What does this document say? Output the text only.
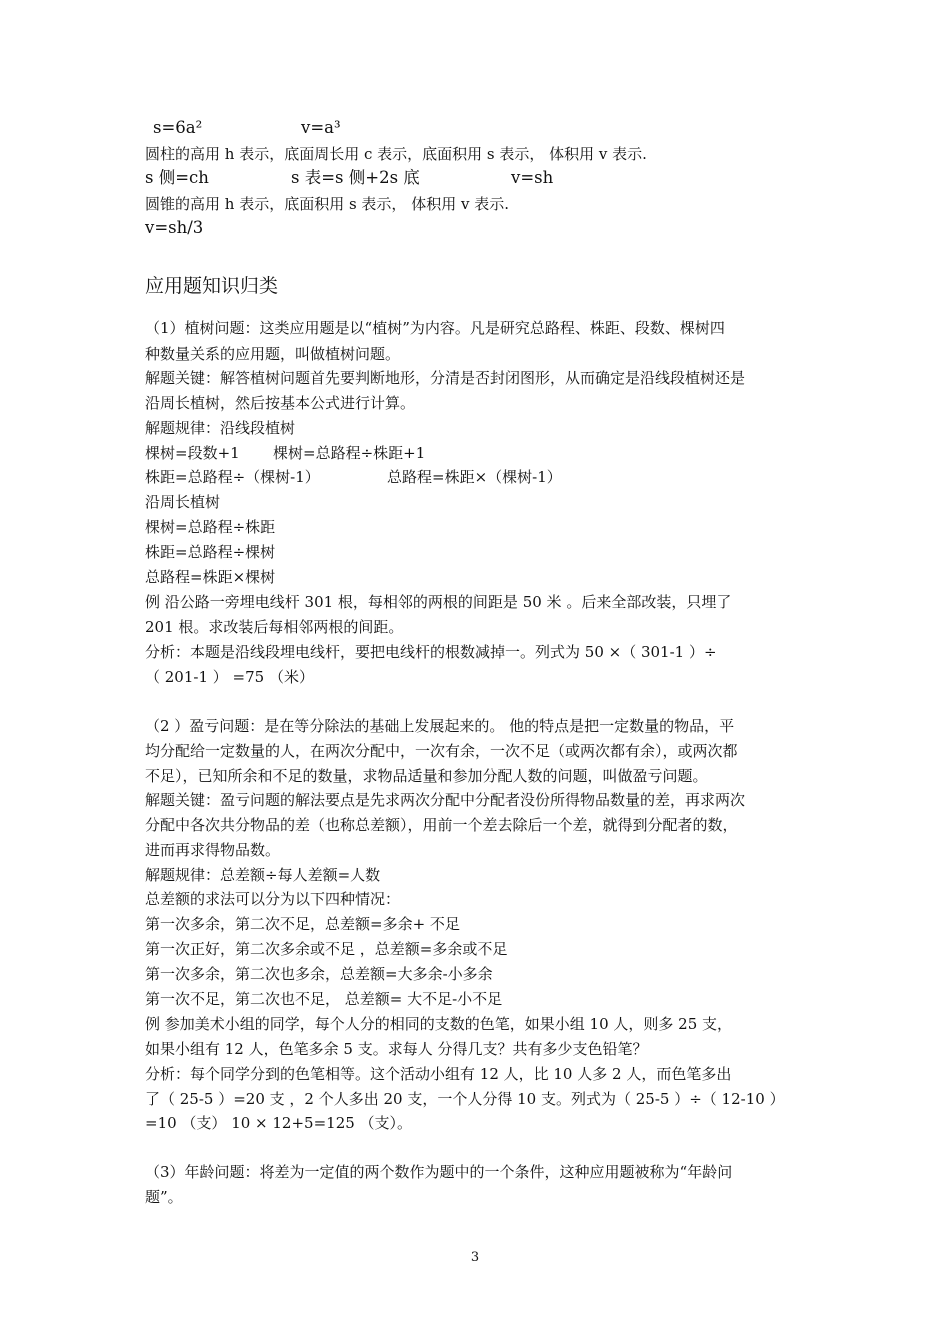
s=6a²	v=a³
圆柱的高用 h 表示，底面周长用 c 表示，底面积用 s 表示， 体积用 v 表示.
s 侧=ch	s 表=s 侧+2s 底	v=sh
圆锥的高用 h 表示，底面积用 s 表示， 体积用 v 表示.
v=sh/3
应用题知识归类
（1）植树问题：这类应用题是以“植树”为内容。凡是研究总路程、株距、段数、棵树四
种数量关系的应用题，叫做植树问题。
解题关键：解答植树问题首先要判断地形，分清是否封闭图形，从而确定是沿线段植树还是
沿周长植树，然后按基本公式进行计算。
解题规律：沿线段植树
棵树=段数+1 棵树=总路程÷株距+1
株距=总路程÷（棵树-1）	总路程=株距×（棵树-1）
沿周长植树
棵树=总路程÷株距
株距=总路程÷棵树
总路程=株距×棵树
例 沿公路一旁埋电线杆 301 根，每相邻的两根的间距是 50 米 。后来全部改装，只埋了
201 根。求改装后每相邻两根的间距。
分析：本题是沿线段埋电线杆，要把电线杆的根数减掉一。列式为 50 ×（ 301-1 ）÷
（ 201-1 ） =75 （米）
（2 ）盈亏问题：是在等分除法的基础上发展起来的。 他的特点是把一定数量的物品，平
均分配给一定数量的人，在两次分配中，一次有余，一次不足（或两次都有余），或两次都
不足），已知所余和不足的数量，求物品适量和参加分配人数的问题，叫做盈亏问题。
解题关键：盈亏问题的解法要点是先求两次分配中分配者没份所得物品数量的差，再求两次
分配中各次共分物品的差（也称总差额），用前一个差去除后一个差，就得到分配者的数，
进而再求得物品数。
解题规律：总差额÷每人差额=人数
总差额的求法可以分为以下四种情况：
第一次多余，第二次不足，总差额=多余+ 不足
第一次正好，第二次多余或不足 ，总差额=多余或不足
第一次多余，第二次也多余，总差额=大多余-小多余
第一次不足，第二次也不足， 总差额= 大不足-小不足
例 参加美术小组的同学，每个人分的相同的支数的色笔，如果小组 10 人，则多 25 支，
如果小组有 12 人，色笔多余 5 支。求每人 分得几支？共有多少支色铅笔？
分析：每个同学分到的色笔相等。这个活动小组有 12 人，比 10 人多 2 人，而色笔多出
了（ 25-5 ）=20 支 ，2 个人多出 20 支，一个人分得 10 支。列式为（ 25-5 ）÷（ 12-10 ）
=10 （支） 10 × 12+5=125 （支）。
（3）年龄问题：将差为一定值的两个数作为题中的一个条件，这种应用题被称为“年龄问
题”。
3
